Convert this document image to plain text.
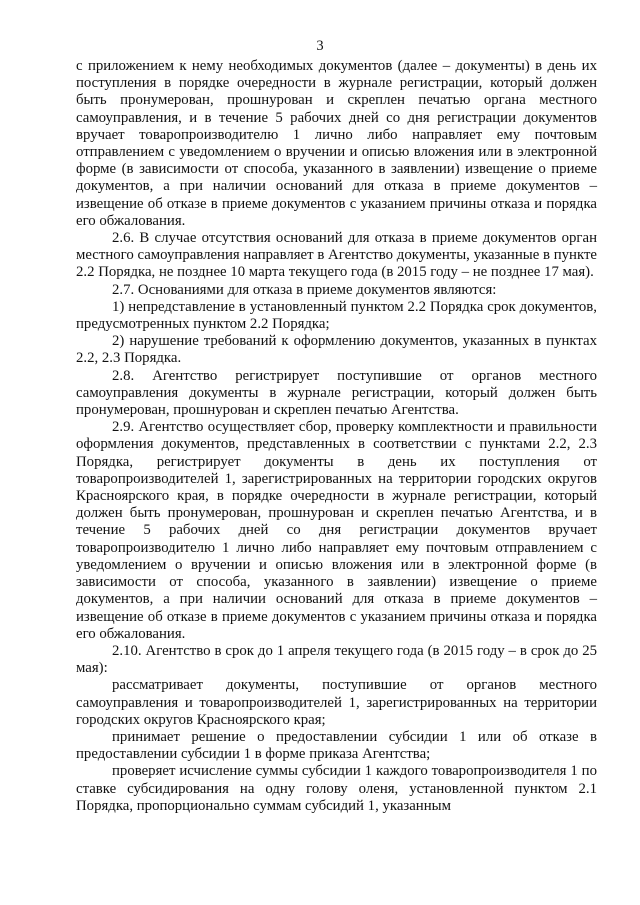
3

с приложением к нему необходимых документов (далее – документы) в день их поступления в порядке очередности в журнале регистрации, который должен быть пронумерован, прошнурован и скреплен печатью органа местного самоуправления, и в течение 5 рабочих дней со дня регистрации документов вручает товаропроизводителю 1 лично либо направляет ему почтовым отправлением с уведомлением о вручении и описью вложения или в электронной форме (в зависимости от способа, указанного в заявлении) извещение о приеме документов, а при наличии оснований для отказа в приеме документов – извещение об отказе в приеме документов с указанием причины отказа и порядка его обжалования.

2.6. В случае отсутствия оснований для отказа в приеме документов орган местного самоуправления направляет в Агентство документы, указанные в пункте 2.2 Порядка, не позднее 10 марта текущего года (в 2015 году – не позднее 17 мая).

2.7. Основаниями для отказа в приеме документов являются:

1) непредставление в установленный пунктом 2.2 Порядка срок документов, предусмотренных пунктом 2.2 Порядка;

2) нарушение требований к оформлению документов, указанных в пунктах 2.2, 2.3 Порядка.

2.8. Агентство регистрирует поступившие от органов местного самоуправления документы в журнале регистрации, который должен быть пронумерован, прошнурован и скреплен печатью Агентства.

2.9. Агентство осуществляет сбор, проверку комплектности и правильности оформления документов, представленных в соответствии с пунктами 2.2, 2.3 Порядка, регистрирует документы в день их поступления от товаропроизводителей 1, зарегистрированных на территории городских округов Красноярского края, в порядке очередности в журнале регистрации, который должен быть пронумерован, прошнурован и скреплен печатью Агентства, и в течение 5 рабочих дней со дня регистрации документов вручает товаропроизводителю 1 лично либо направляет ему почтовым отправлением с уведомлением о вручении и описью вложения или в электронной форме (в зависимости от способа, указанного в заявлении) извещение о приеме документов, а при наличии оснований для отказа в приеме документов – извещение об отказе в приеме документов с указанием причины отказа и порядка его обжалования.

2.10. Агентство в срок до 1 апреля текущего года (в 2015 году – в срок до 25 мая):

рассматривает документы, поступившие от органов местного самоуправления и товаропроизводителей 1, зарегистрированных на территории городских округов Красноярского края;

принимает решение о предоставлении субсидии 1 или об отказе в предоставлении субсидии 1 в форме приказа Агентства;

проверяет исчисление суммы субсидии 1 каждого товаропроизводителя 1 по ставке субсидирования на одну голову оленя, установленной пунктом 2.1 Порядка, пропорционально суммам субсидий 1, указанным
